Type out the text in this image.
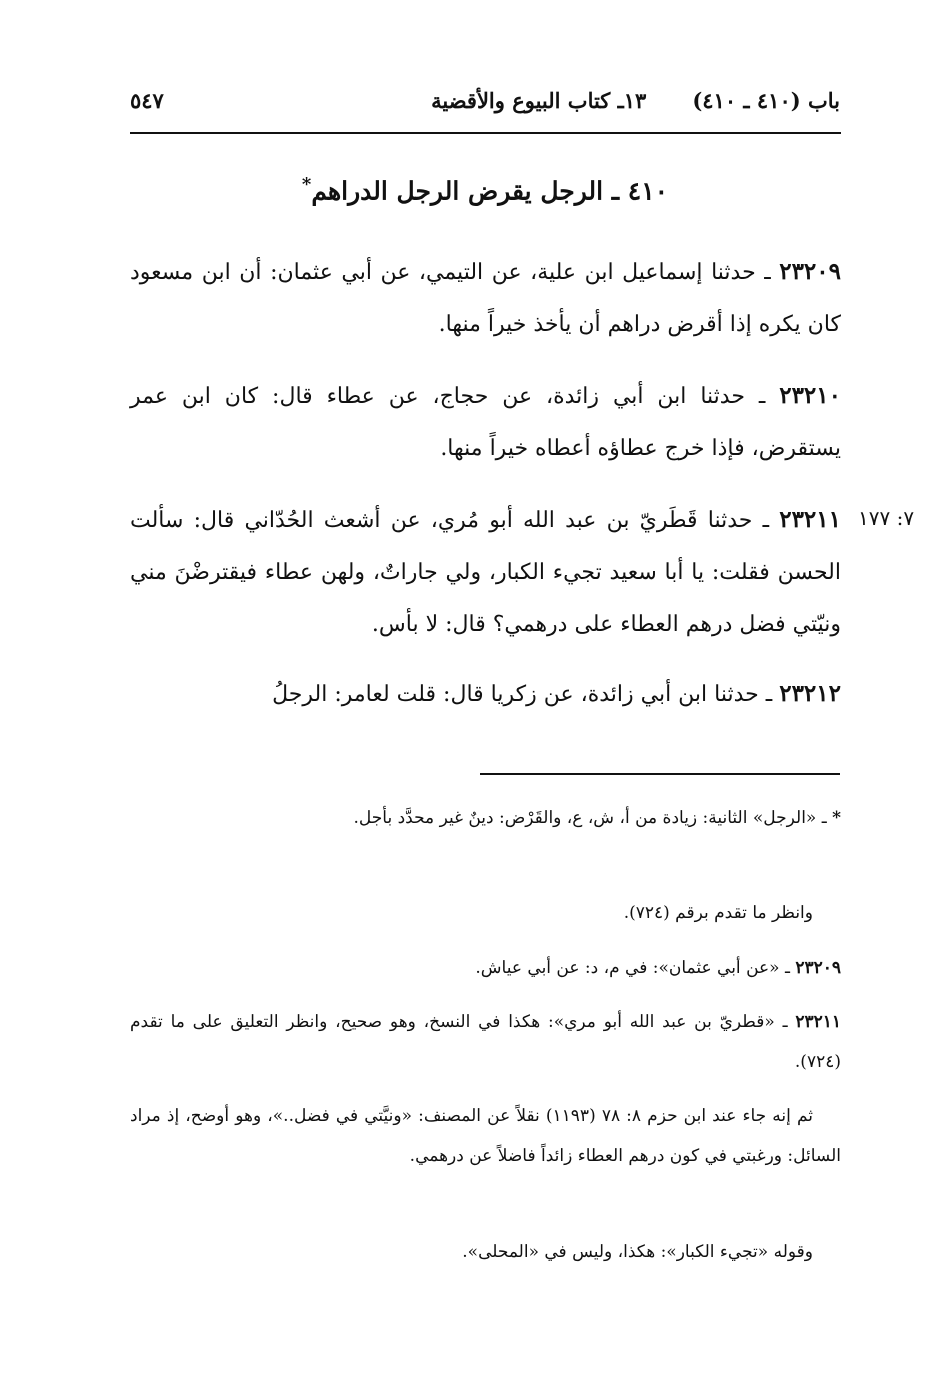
باب (٤١٠ ـ ٤١٠)
١٣ـ كتاب البيوع والأقضية
٥٤٧
٤١٠ ـ الرجل يقرض الرجل الدراهم*
٢٣٢٠٩ ـ حدثنا إسماعيل ابن علية، عن التيمي، عن أبي عثمان: أن ابن مسعود كان يكره إذا أقرض دراهم أن يأخذ خيراً منها.
٢٣٢١٠ ـ حدثنا ابن أبي زائدة، عن حجاج، عن عطاء قال: كان ابن عمر يستقرض، فإذا خرج عطاؤه أعطاه خيراً منها.
٧: ١٧٧
٢٣٢١١ ـ حدثنا قَطَريّ بن عبد الله أبو مُري، عن أشعث الحُدّاني قال: سألت الحسن فقلت: يا أبا سعيد تجيء الكبار، ولي جاراتٌ، ولهن عطاء فيقترضْنَ مني ونيّتي فضل درهم العطاء على درهمي؟ قال: لا بأس.
٢٣٢١٢ ـ حدثنا ابن أبي زائدة، عن زكريا قال: قلت لعامر: الرجلُ
* ـ «الرجل» الثانية: زيادة من أ، ش، ع، والقَرْض: دينٌ غير محدَّد بأجل.
وانظر ما تقدم برقم (٧٢٤).
٢٣٢٠٩ ـ «عن أبي عثمان»: في م، د: عن أبي عياش.
٢٣٢١١ ـ «قطريّ بن عبد الله أبو مري»: هكذا في النسخ، وهو صحيح، وانظر التعليق على ما تقدم (٧٢٤).
ثم إنه جاء عند ابن حزم ٨: ٧٨ (١١٩٣) نقلاً عن المصنف: «ونيَّتي في فضل..»، وهو أوضح، إذ مراد السائل: ورغبتي في كون درهم العطاء زائداً فاضلاً عن درهمي.
وقوله «تجيء الكبار»: هكذا، وليس في «المحلى».
